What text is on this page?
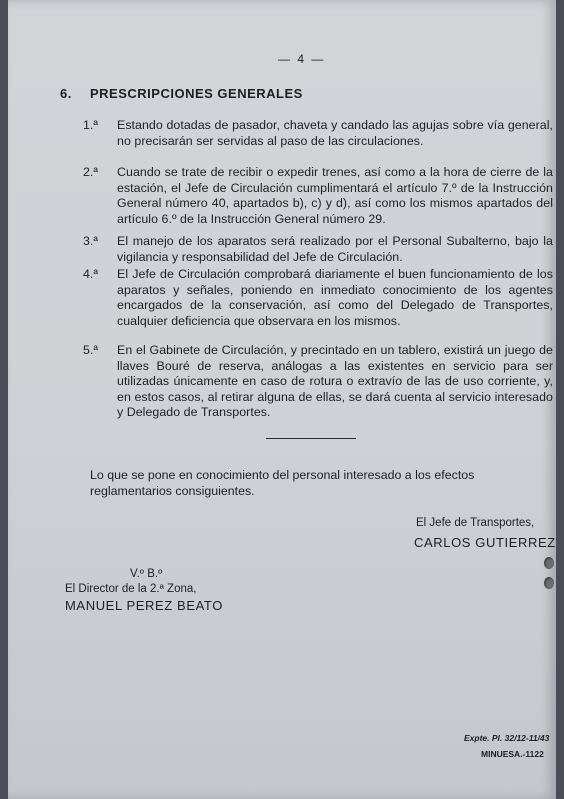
— 4 —
6. PRESCRIPCIONES GENERALES
1.ª Estando dotadas de pasador, chaveta y candado las agujas sobre vía general, no precisarán ser servidas al paso de las circulaciones.
2.ª Cuando se trate de recibir o expedir trenes, así como a la hora de cierre de la estación, el Jefe de Circulación cumplimentará el artículo 7.º de la Instrucción General número 40, apartados b), c) y d), así como los mismos apartados del artículo 6.º de la Instrucción General número 29.
3.ª El manejo de los aparatos será realizado por el Personal Subalterno, bajo la vigilancia y responsabilidad del Jefe de Circulación.
4.ª El Jefe de Circulación comprobará diariamente el buen funcionamiento de los aparatos y señales, poniendo en inmediato conocimiento de los agentes encargados de la conservación, así como del Delegado de Transportes, cualquier deficiencia que observara en los mismos.
5.ª En el Gabinete de Circulación, y precintado en un tablero, existirá un juego de llaves Bouré de reserva, análogas a las existentes en servicio para ser utilizadas únicamente en caso de rotura o extravío de las de uso corriente, y, en estos casos, al retirar alguna de ellas, se dará cuenta al servicio interesado y Delegado de Transportes.
Lo que se pone en conocimiento del personal interesado a los efectos reglamentarios consiguientes.
El Jefe de Transportes,
CARLOS GUTIERREZ
V.º B.º
El Director de la 2.ª Zona,
MANUEL PEREZ BEATO
Expte. Pl. 32/12-11/43
MINUESA.-1122
